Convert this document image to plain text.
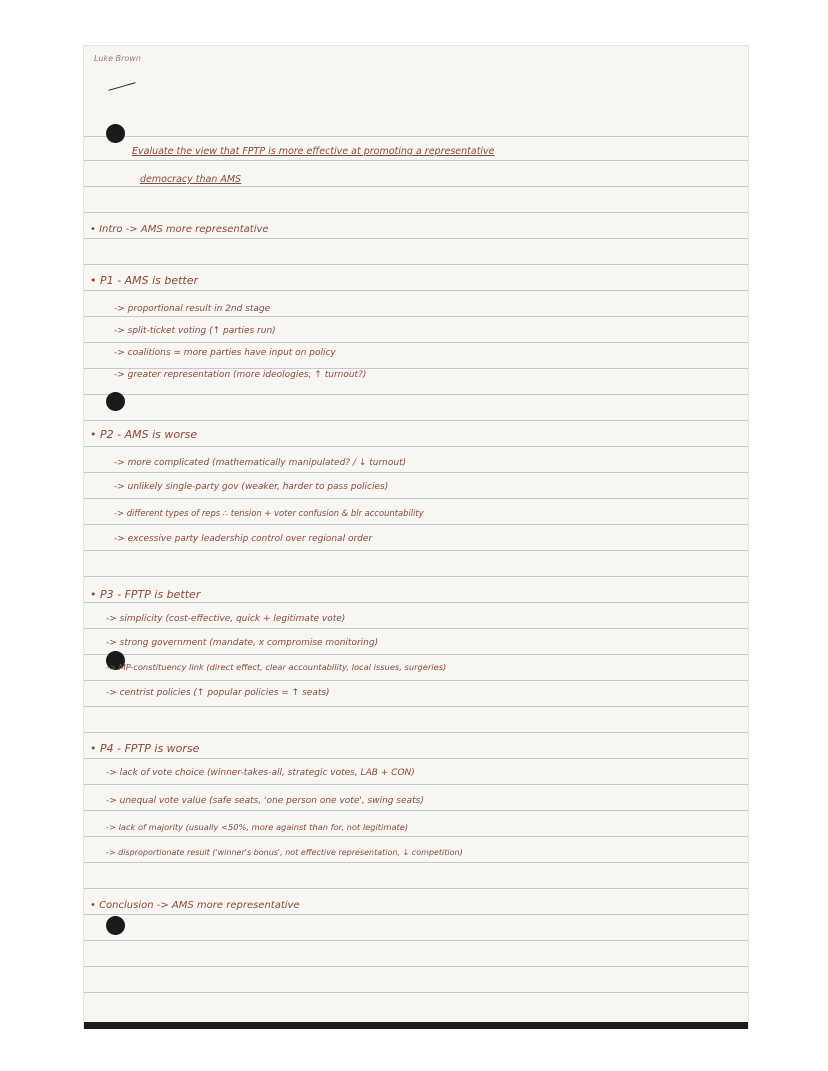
Luke Brown
Evaluate the view that FPTP is more effective at promoting a representative
democracy than AMS
• Intro -> AMS more representative
• P1 - AMS is better
-> proportional result in 2nd stage
-> split-ticket voting (↑ parties run)
-> coalitions = more parties have input on policy
-> greater representation (more ideologies, ↑ turnout?)
• P2 - AMS is worse
-> more complicated (mathematically manipulated? / ↓ turnout)
-> unlikely single-party gov (weaker, harder to pass policies)
-> different types of reps ∴ tension + voter confusion & blr accountability
-> excessive party leadership control over regional order
• P3 - FPTP is better
-> simplicity (cost-effective, quick + legitimate vote)
-> strong government (mandate, x compromise monitoring)
-> MP-constituency link (direct effect, clear accountability, local issues, surgeries)
-> centrist policies (↑ popular policies = ↑ seats)
• P4 - FPTP is worse
-> lack of vote choice (winner-takes-all, strategic votes, LAB + CON)
-> unequal vote value (safe seats, 'one person one vote', swing seats)
-> lack of majority (usually <50%, more against than for, not legitimate)
-> disproportionate result ('winner's bonus', not effective representation, ↓ competition)
• Conclusion -> AMS more representative
